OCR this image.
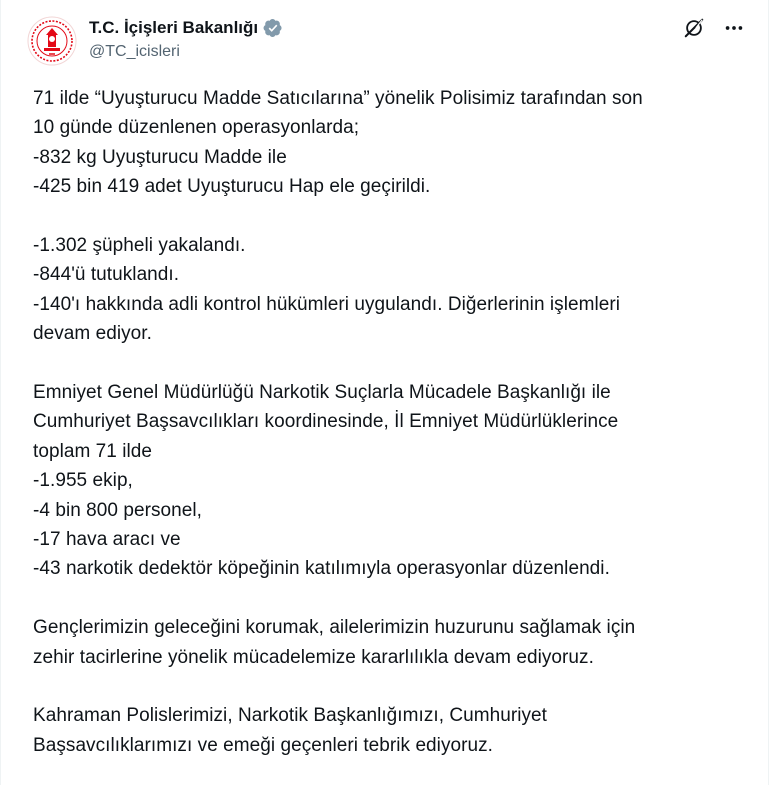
T.C. İçişleri Bakanlığı
@TC_icisleri
71 ilde “Uyuşturucu Madde Satıcılarına” yönelik Polisimiz tarafından son
10 günde düzenlenen operasyonlarda;
-832 kg Uyuşturucu Madde ile
-425 bin 419 adet Uyuşturucu Hap ele geçirildi.
-1.302 şüpheli yakalandı.
-844'ü tutuklandı.
-140'ı hakkında adli kontrol hükümleri uygulandı. Diğerlerinin işlemleri
devam ediyor.
Emniyet Genel Müdürlüğü Narkotik Suçlarla Mücadele Başkanlığı ile
Cumhuriyet Başsavcılıkları koordinesinde, İl Emniyet Müdürlüklerince
toplam 71 ilde
-1.955 ekip,
-4 bin 800 personel,
-17 hava aracı ve
-43 narkotik dedektör köpeğinin katılımıyla operasyonlar düzenlendi.
Gençlerimizin geleceğini korumak, ailelerimizin huzurunu sağlamak için
zehir tacirlerine yönelik mücadelemize kararlılıkla devam ediyoruz.
Kahraman Polislerimizi, Narkotik Başkanlığımızı, Cumhuriyet
Başsavcılıklarımızı ve emeği geçenleri tebrik ediyoruz.
